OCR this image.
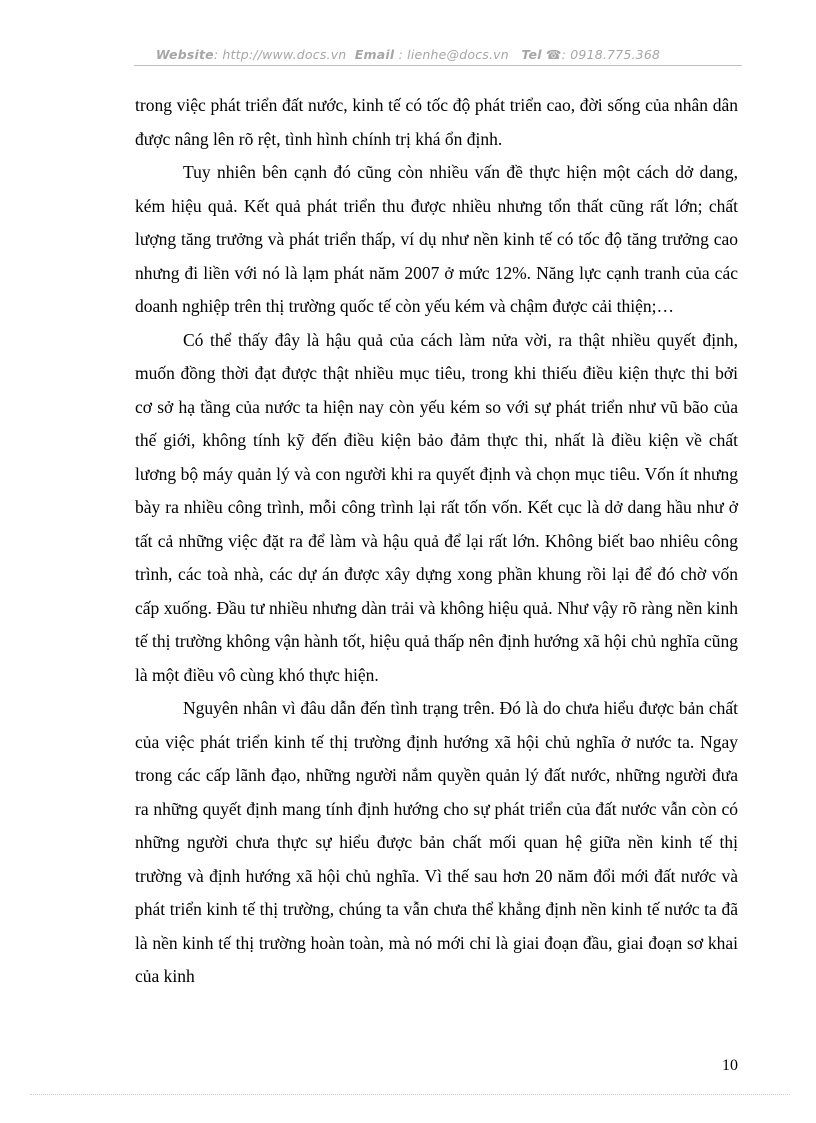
Website: http://www.docs.vn Email : lienhe@docs.vn Tel ☎: 0918.775.368

trong việc phát triển đất nước, kinh tế có tốc độ phát triển cao, đời sống của nhân dân được nâng lên rõ rệt, tình hình chính trị khá ổn định.

Tuy nhiên bên cạnh đó cũng còn nhiều vấn đề thực hiện một cách dở dang, kém hiệu quả. Kết quả phát triển thu được nhiều nhưng tổn thất cũng rất lớn; chất lượng tăng trưởng và phát triển thấp, ví dụ như nền kinh tế có tốc độ tăng trưởng cao nhưng đi liền với nó là lạm phát năm 2007 ở mức 12%. Năng lực cạnh tranh của các doanh nghiệp trên thị trường quốc tế còn yếu kém và chậm được cải thiện;…

Có thể thấy đây là hậu quả của cách làm nửa vời, ra thật nhiều quyết định, muốn đồng thời đạt được thật nhiều mục tiêu, trong khi thiếu điều kiện thực thi bởi cơ sở hạ tầng của nước ta hiện nay còn yếu kém so với sự phát triển như vũ bão của thế giới, không tính kỹ đến điều kiện bảo đảm thực thi, nhất là điều kiện về chất lương bộ máy quản lý và con người khi ra quyết định và chọn mục tiêu. Vốn ít nhưng bày ra nhiều công trình, mỗi công trình lại rất tốn vốn. Kết cục là dở dang hầu như ở tất cả những việc đặt ra để làm và hậu quả để lại rất lớn. Không biết bao nhiêu công trình, các toà nhà, các dự án được xây dựng xong phần khung rồi lại để đó chờ vốn cấp xuống. Đầu tư nhiều nhưng dàn trải và không hiệu quả. Như vậy rõ ràng nền kinh tế thị trường không vận hành tốt, hiệu quả thấp nên định hướng xã hội chủ nghĩa cũng là một điều vô cùng khó thực hiện.

Nguyên nhân vì đâu dẫn đến tình trạng trên. Đó là do chưa hiểu được bản chất của việc phát triển kinh tế thị trường định hướng xã hội chủ nghĩa ở nước ta. Ngay trong các cấp lãnh đạo, những người nắm quyền quản lý đất nước, những người đưa ra những quyết định mang tính định hướng cho sự phát triển của đất nước vẫn còn có những người chưa thực sự hiểu được bản chất mối quan hệ giữa nền kinh tế thị trường và định hướng xã hội chủ nghĩa. Vì thế sau hơn 20 năm đổi mới đất nước và phát triển kinh tế thị trường, chúng ta vẫn chưa thể khẳng định nền kinh tế nước ta đã là nền kinh tế thị trường hoàn toàn, mà nó mới chỉ là giai đoạn đầu, giai đoạn sơ khai của kinh

10
